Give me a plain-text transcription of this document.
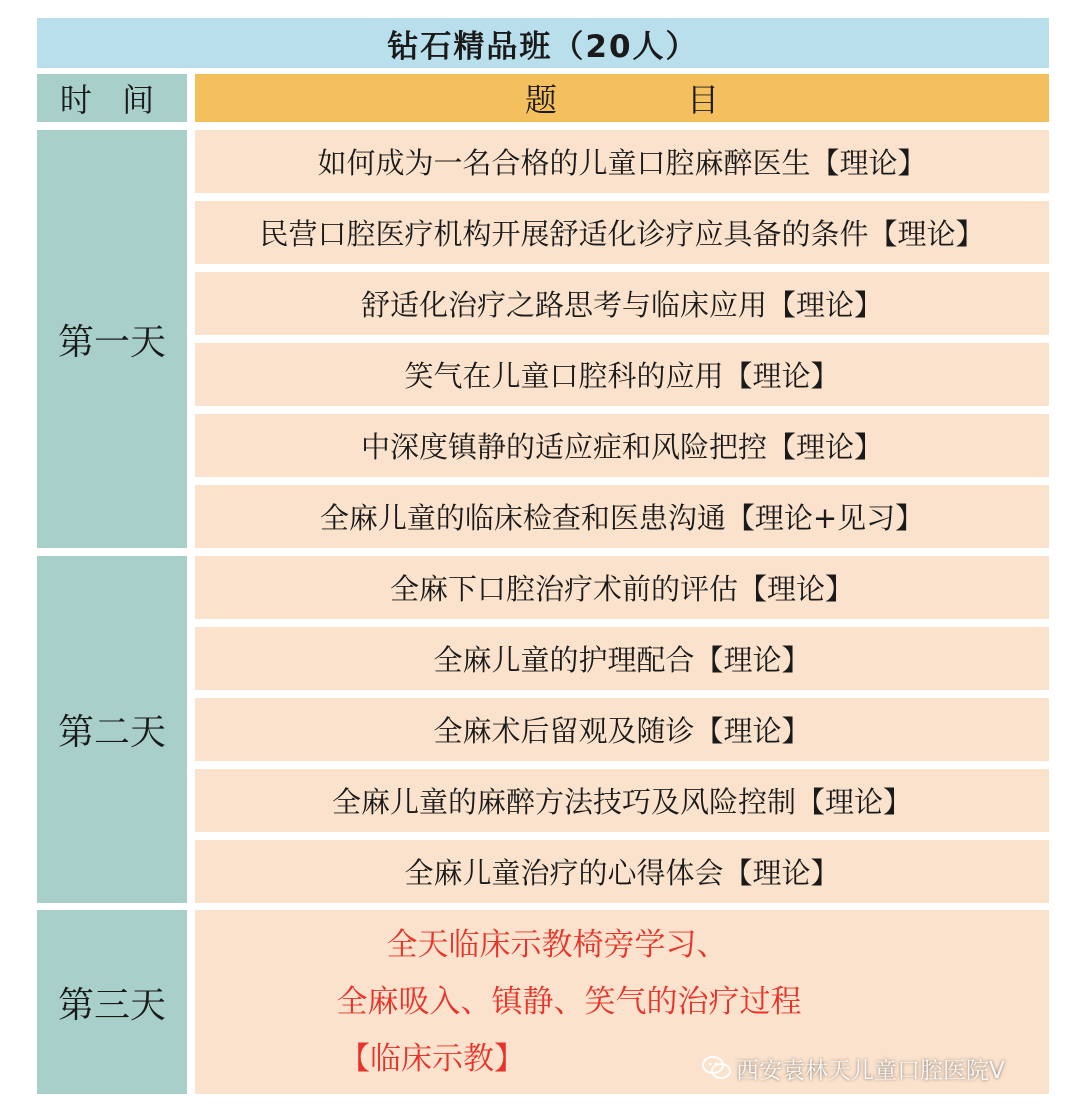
钻石精品班（20人）
时 间	题目
第一天
如何成为一名合格的儿童口腔麻醉医生【理论】
民营口腔医疗机构开展舒适化诊疗应具备的条件【理论】
舒适化治疗之路思考与临床应用【理论】
笑气在儿童口腔科的应用【理论】
中深度镇静的适应症和风险把控【理论】
全麻儿童的临床检查和医患沟通【理论+见习】
第二天
全麻下口腔治疗术前的评估【理论】
全麻儿童的护理配合【理论】
全麻术后留观及随诊【理论】
全麻儿童的麻醉方法技巧及风险控制【理论】
全麻儿童治疗的心得体会【理论】
第三天
全天临床示教椅旁学习、
全麻吸入、镇静、笑气的治疗过程
【临床示教】	西安袁林天儿童口腔医院V
